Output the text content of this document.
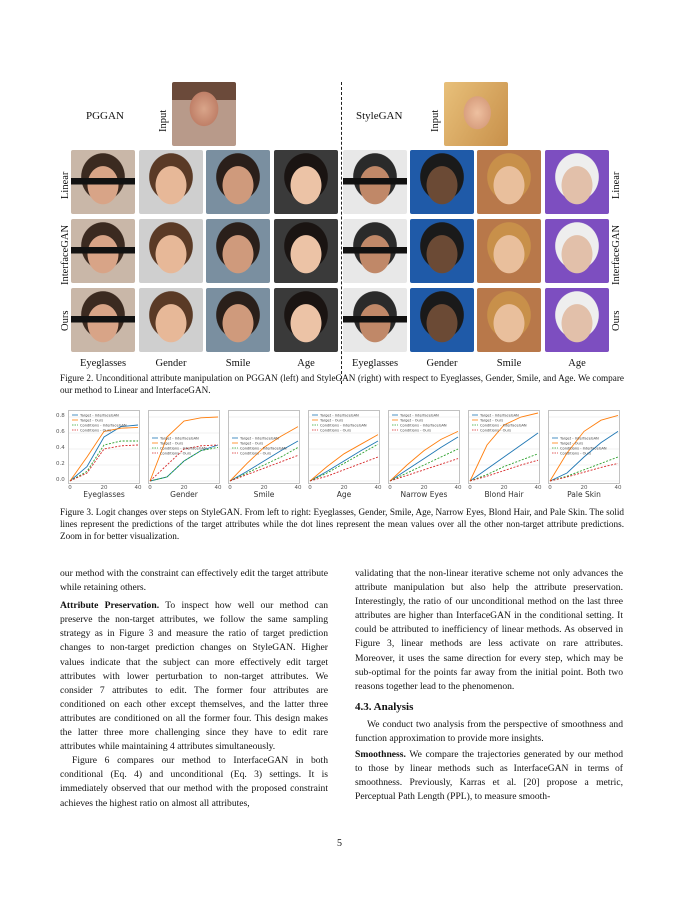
PGGAN	StyleGAN
Input	Input
Linear
InterfaceGAN
Ours
Linear
InterfaceGAN
Ours
Eyeglasses	Gender	Smile	Age	Eyeglasses	Gender	Smile	Age
Figure 2. Unconditional attribute manipulation on PGGAN (left) and StyleGAN (right) with respect to Eyeglasses, Gender, Smile, and Age. We compare our method to Linear and InterfaceGAN.
Target - InterfaceGAN
Target - Ours
Conditions - InterfaceGAN
Conditions - Ours
0	20	40
Eyeglasses
Target - InterfaceGAN
Target - Ours
Conditions - InterfaceGAN
Conditions - Ours
0	20	40
Gender
Target - InterfaceGAN
Target - Ours
Conditions - InterfaceGAN
Conditions - Ours
0	20	40
Smile
Target - InterfaceGAN
Target - Ours
Conditions - InterfaceGAN
Conditions - Ours
0	20	40
Age
Target - InterfaceGAN
Target - Ours
Conditions - InterfaceGAN
Conditions - Ours
0	20	40
Narrow Eyes
Target - InterfaceGAN
Target - Ours
Conditions - InterfaceGAN
Conditions - Ours
0	20	40
Blond Hair
Target - InterfaceGAN
Target - Ours
Conditions - InterfaceGAN
Conditions - Ours
0	20	40
Pale Skin
0.0
0.2
0.4
0.6
0.8
Figure 3. Logit changes over steps on StyleGAN. From left to right: Eyeglasses, Gender, Smile, Age, Narrow Eyes, Blond Hair, and Pale Skin. The solid lines represent the predictions of the target attributes while the dot lines represent the mean values over all the other non-target attribute predictions. Zoom in for better visualization.

our method with the constraint can effectively edit the target attribute while retaining others.

Attribute Preservation. To inspect how well our method can preserve the non-target attributes, we follow the same sampling strategy as in Figure 3 and measure the ratio of target prediction changes to non-target prediction changes on StyleGAN. Higher values indicate that the subject can more effectively edit target attributes with lower perturbation to non-target attributes. We consider 7 attributes to edit. The former four attributes are conditioned on each other except themselves, and the latter three attributes are conditioned on all the former four. This design makes the latter three more challenging since they have to edit rare attributes while maintaining 4 attributes simultaneously.

Figure 6 compares our method to InterfaceGAN in both conditional (Eq. 4) and unconditional (Eq. 3) settings. It is immediately observed that our method with the proposed constraint achieves the highest ratio on almost all attributes,

validating that the non-linear iterative scheme not only advances the attribute manipulation but also help the attribute preservation. Interestingly, the ratio of our unconditional method on the last three attributes are higher than InterfaceGAN in the conditional setting. It could be attributed to inefficiency of linear methods. As observed in Figure 3, linear methods are less activate on rare attributes. Moreover, it uses the same direction for every step, which may be sub-optimal for the points far away from the initial point. Both two reasons together lead to the phenomenon.

4.3. Analysis

We conduct two analysis from the perspective of smoothness and function approximation to provide more insights.

Smoothness. We compare the trajectories generated by our method to those by linear methods such as InterfaceGAN in terms of smoothness. Previously, Karras et al. [20] propose a metric, Perceptual Path Length (PPL), to measure smooth-

5
